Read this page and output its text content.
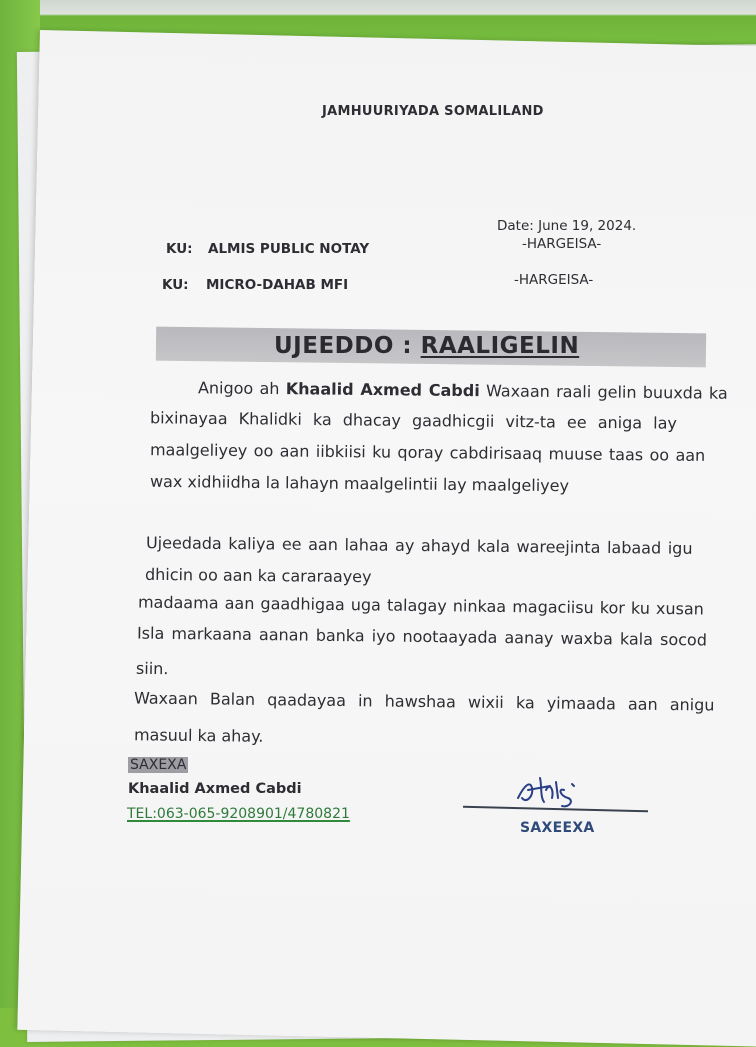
JAMHUURIYADA SOMALILAND
Date: June 19, 2024.
-HARGEISA-
KU: ALMIS PUBLIC NOTAY
KU: MICRO-DAHAB MFI	-HARGEISA-
UJEEDDO : RAALIGELIN
Anigoo ah Khaalid Axmed Cabdi Waxaan raali gelin buuxda ka
bixinayaa Khalidki ka dhacay gaadhicgii vitz-ta ee aniga lay
maalgeliyey oo aan iibkiisi ku qoray cabdirisaaq muuse taas oo aan
wax xidhiidha la lahayn maalgelintii lay maalgeliyey
Ujeedada kaliya ee aan lahaa ay ahayd kala wareejinta labaad igu
dhicin oo aan ka cararaayey
madaama aan gaadhigaa uga talagay ninkaa magaciisu kor ku xusan
Isla markaana aanan banka iyo nootaayada aanay waxba kala socod
siin.
Waxaan Balan qaadayaa in hawshaa wixii ka yimaada aan anigu
masuul ka ahay.
SAXEXA
Khaalid Axmed Cabdi
TEL:063-065-9208901/4780821
SAXEEXA
